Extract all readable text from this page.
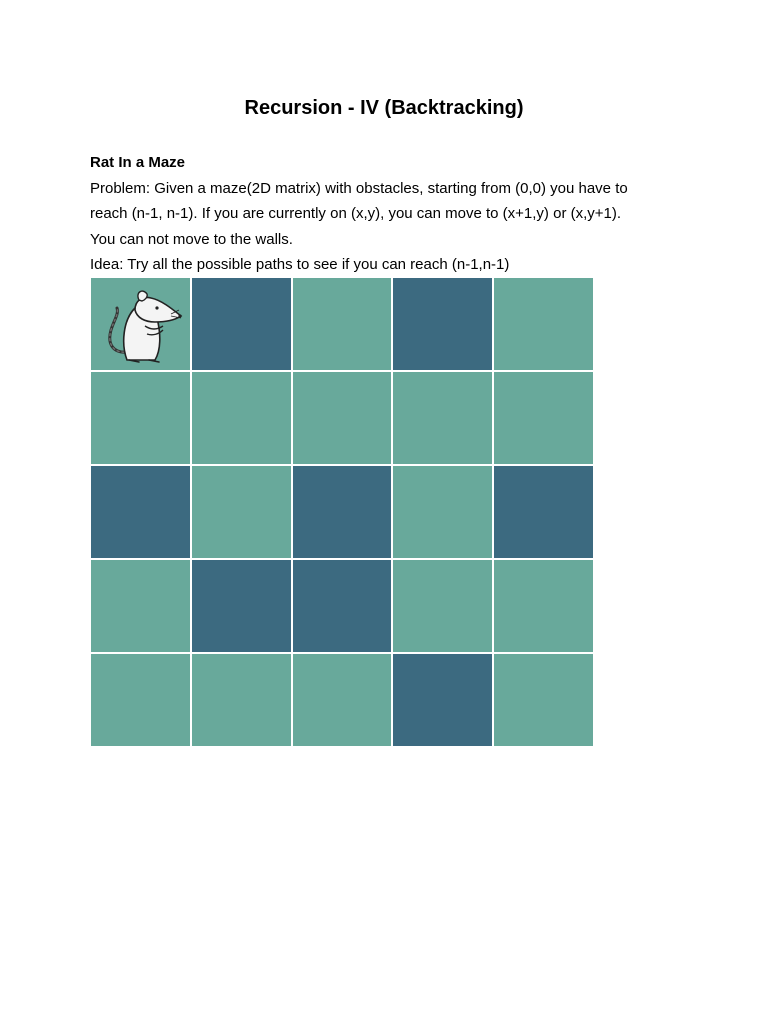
Recursion - IV (Backtracking)

Rat In a Maze

Problem: Given a maze(2D matrix) with obstacles, starting from (0,0) you have to

reach (n-1, n-1). If you are currently on (x,y), you can move to (x+1,y) or (x,y+1).

You can not move to the walls.

Idea: Try all the possible paths to see if you can reach (n-1,n-1)
